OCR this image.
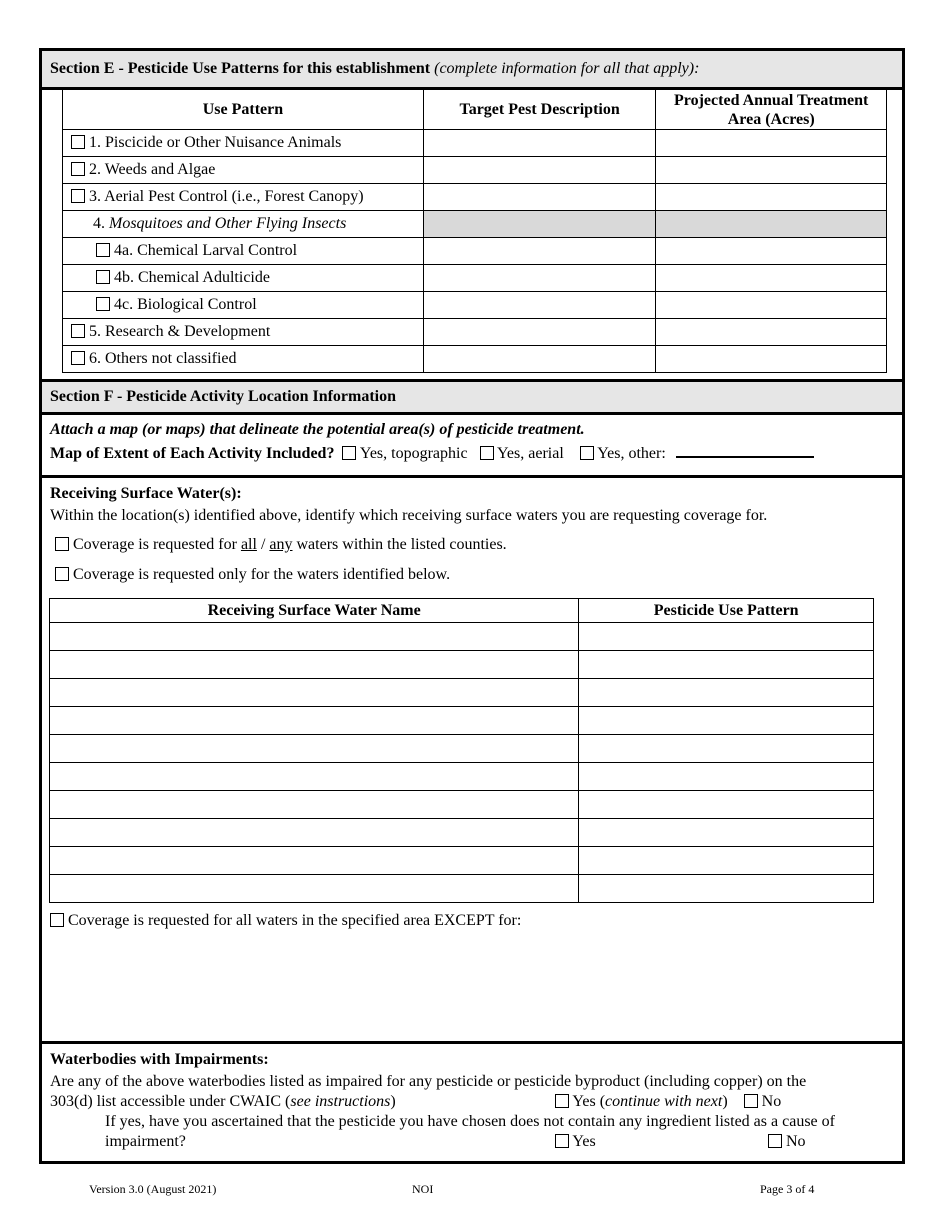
Section E - Pesticide Use Patterns for this establishment
(complete information for all that apply):
Use Pattern	Target Pest Description	Projected Annual Treatment Area (Acres)
1. Piscicide or Other Nuisance Animals		
2. Weeds and Algae		
3. Aerial Pest Control (i.e., Forest Canopy)		
4. Mosquitoes and Other Flying Insects		
4a. Chemical Larval Control		
4b. Chemical Adulticide		
4c. Biological Control		
5. Research & Development		
6. Others not classified		
Section F - Pesticide Activity Location Information
Attach a map (or maps) that delineate the potential area(s) of pesticide treatment.
Map of Extent of Each Activity Included? Yes, topographic Yes, aerial Yes, other:
Receiving Surface Water(s):
Within the location(s) identified above, identify which receiving surface waters you are requesting coverage for.
Coverage is requested for all / any waters within the listed counties.
Coverage is requested only for the waters identified below.
Receiving Surface Water Name	Pesticide Use Pattern

Coverage is requested for all waters in the specified area EXCEPT for:
Waterbodies with Impairments:
Are any of the above waterbodies listed as impaired for any pesticide or pesticide byproduct (including copper) on the
303(d) list accessible under CWAIC (see instructions)	Yes (continue with next) No
If yes, have you ascertained that the pesticide you have chosen does not contain any ingredient listed as a cause of
impairment?	Yes	No
Version 3.0 (August 2021)	NOI	Page 3 of 4
